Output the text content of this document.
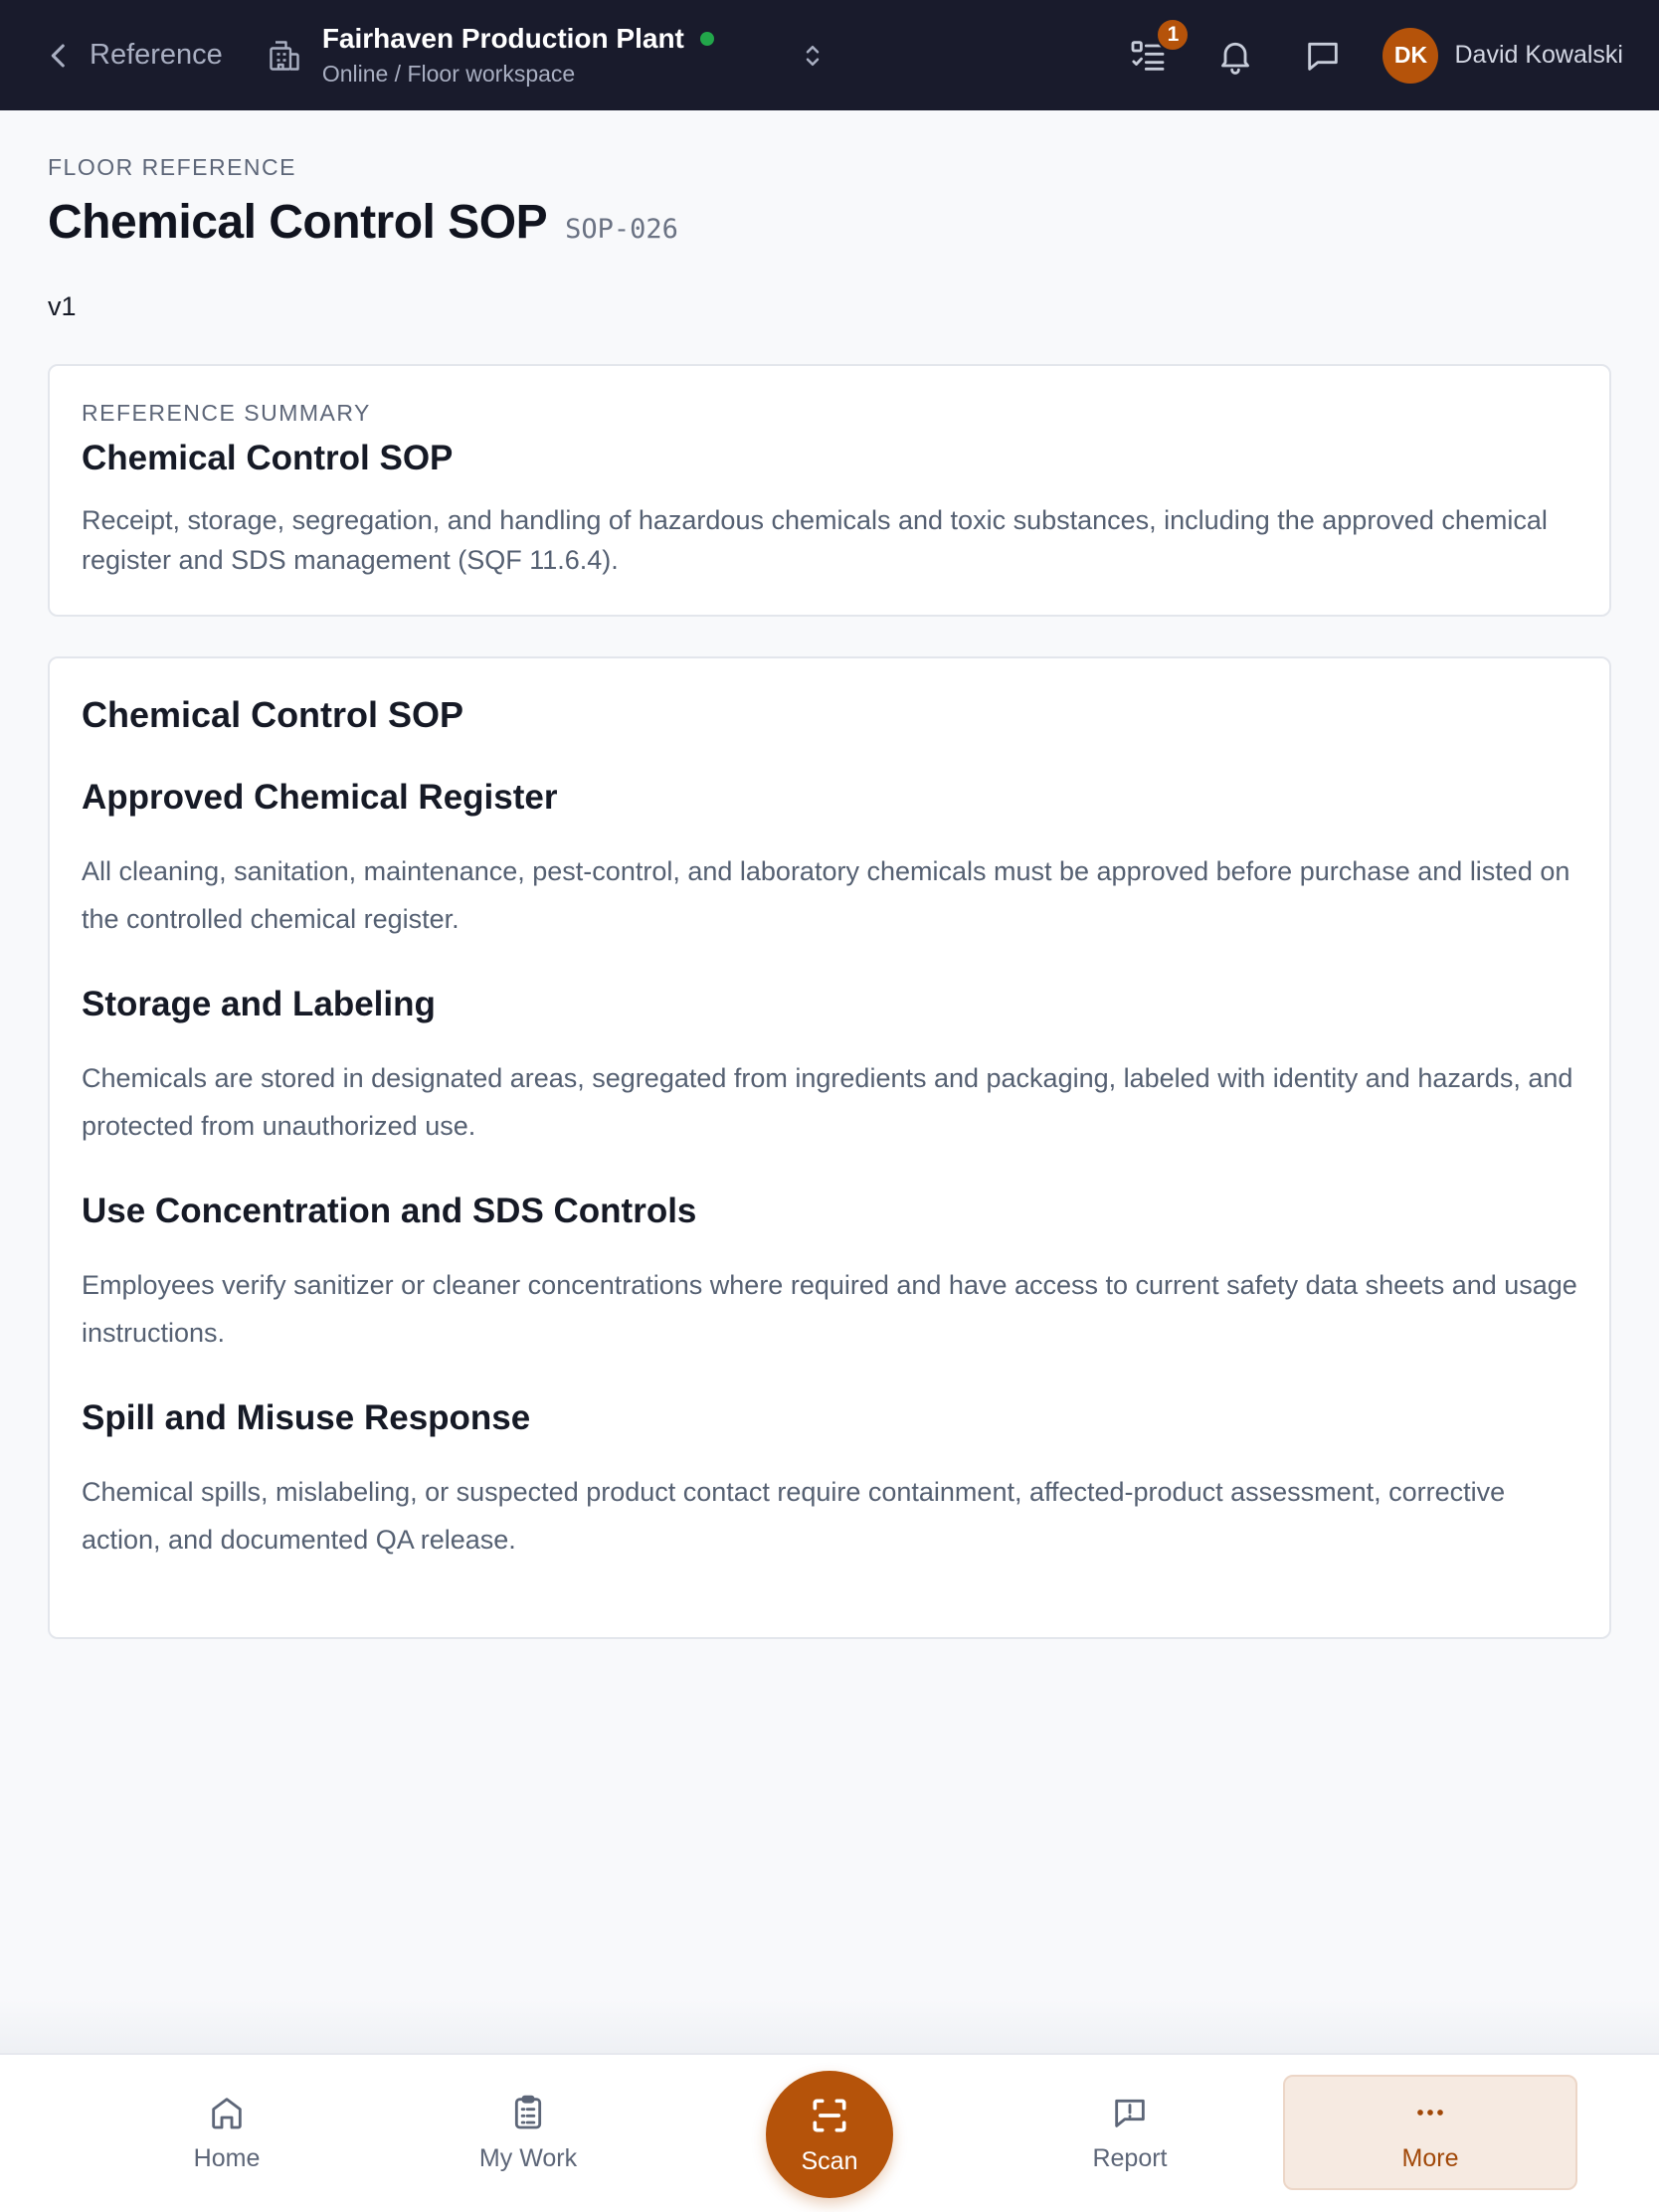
Reference
Fairhaven Production Plant
Online / Floor workspace
1
DK	David Kowalski
FLOOR REFERENCE
Chemical Control SOP SOP-026
v1
REFERENCE SUMMARY
Chemical Control SOP

Receipt, storage, segregation, and handling of hazardous chemicals and toxic substances, including the approved chemical register and SDS management (SQF 11.6.4).

Chemical Control SOP
Approved Chemical Register

All cleaning, sanitation, maintenance, pest-control, and laboratory chemicals must be approved before purchase and listed on the controlled chemical register.

Storage and Labeling

Chemicals are stored in designated areas, segregated from ingredients and packaging, labeled with identity and hazards, and protected from unauthorized use.

Use Concentration and SDS Controls

Employees verify sanitizer or cleaner concentrations where required and have access to current safety data sheets and usage instructions.

Spill and Misuse Response

Chemical spills, mislabeling, or suspected product contact require containment, affected-product assessment, corrective action, and documented QA release.

Home	My Work	Scan	Report	More
